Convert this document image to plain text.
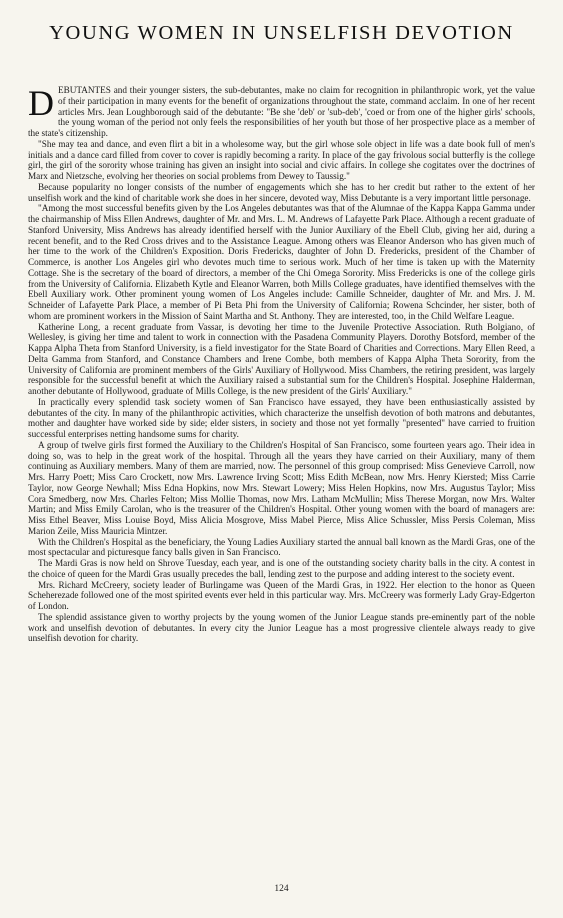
YOUNG WOMEN IN UNSELFISH DEVOTION

DEBUTANTES and their younger sisters, the sub-debutantes, make no claim for recognition in philanthropic work, yet the value of their participation in many events for the benefit of organizations throughout the state, command acclaim. In one of her recent articles Mrs. Jean Loughborough said of the debutante: "Be she 'deb' or 'sub-deb', 'coed or from one of the higher girls' schools, the young woman of the period not only feels the responsibilities of her youth but those of her prospective place as a member of the state's citizenship.

"She may tea and dance, and even flirt a bit in a wholesome way, but the girl whose sole object in life was a date book full of men's initials and a dance card filled from cover to cover is rapidly becoming a rarity. In place of the gay frivolous social butterfly is the college girl, the girl of the sorority whose training has given an insight into social and civic affairs. In college she cogitates over the doctrines of Marx and Nietzsche, evolving her theories on social problems from Dewey to Taussig."

Because popularity no longer consists of the number of engagements which she has to her credit but rather to the extent of her unselfish work and the kind of charitable work she does in her sincere, devoted way, Miss Debutante is a very important little personage.

"Among the most successful benefits given by the Los Angeles debutantes was that of the Alumnae of the Kappa Kappa Gamma under the chairmanship of Miss Ellen Andrews, daughter of Mr. and Mrs. L. M. Andrews of Lafayette Park Place. Although a recent graduate of Stanford University, Miss Andrews has already identified herself with the Junior Auxiliary of the Ebell Club, giving her aid, during a recent benefit, and to the Red Cross drives and to the Assistance League. Among others was Eleanor Anderson who has given much of her time to the work of the Children's Exposition. Doris Fredericks, daughter of John D. Fredericks, president of the Chamber of Commerce, is another Los Angeles girl who devotes much time to serious work. Much of her time is taken up with the Maternity Cottage. She is the secretary of the board of directors, a member of the Chi Omega Sorority. Miss Fredericks is one of the college girls from the University of California. Elizabeth Kytle and Eleanor Warren, both Mills College graduates, have identified themselves with the Ebell Auxiliary work. Other prominent young women of Los Angeles include: Camille Schneider, daughter of Mr. and Mrs. J. M. Schneider of Lafayette Park Place, a member of Pi Beta Phi from the University of California; Rowena Schcinder, her sister, both of whom are prominent workers in the Mission of Saint Martha and St. Anthony. They are interested, too, in the Child Welfare League.

Katherine Long, a recent graduate from Vassar, is devoting her time to the Juvenile Protective Association. Ruth Bolgiano, of Wellesley, is giving her time and talent to work in connection with the Pasadena Community Players. Dorothy Botsford, member of the Kappa Alpha Theta from Stanford University, is a field investigator for the State Board of Charities and Corrections. Mary Ellen Reed, a Delta Gamma from Stanford, and Constance Chambers and Irene Combe, both members of Kappa Alpha Theta Sorority, from the University of California are prominent members of the Girls' Auxiliary of Hollywood. Miss Chambers, the retiring president, was largely responsible for the successful benefit at which the Auxiliary raised a substantial sum for the Children's Hospital. Josephine Halderman, another debutante of Hollywood, graduate of Mills College, is the new president of the Girls' Auxiliary."

In practically every splendid task society women of San Francisco have essayed, they have been enthusiastically assisted by debutantes of the city. In many of the philanthropic activities, which characterize the unselfish devotion of both matrons and debutantes, mother and daughter have worked side by side; elder sisters, in society and those not yet formally "presented" have carried to fruition successful enterprises netting handsome sums for charity.

A group of twelve girls first formed the Auxiliary to the Children's Hospital of San Francisco, some fourteen years ago. Their idea in doing so, was to help in the great work of the hospital. Through all the years they have carried on their Auxiliary, many of them continuing as Auxiliary members. Many of them are married, now. The personnel of this group comprised: Miss Genevieve Carroll, now Mrs. Harry Poett; Miss Caro Crockett, now Mrs. Lawrence Irving Scott; Miss Edith McBean, now Mrs. Henry Kiersted; Miss Carrie Taylor, now George Newhall; Miss Edna Hopkins, now Mrs. Stewart Lowery; Miss Helen Hopkins, now Mrs. Augustus Taylor; Miss Cora Smedberg, now Mrs. Charles Felton; Miss Mollie Thomas, now Mrs. Latham McMullin; Miss Therese Morgan, now Mrs. Walter Martin; and Miss Emily Carolan, who is the treasurer of the Children's Hospital. Other young women with the board of managers are: Miss Ethel Beaver, Miss Louise Boyd, Miss Alicia Mosgrove, Miss Mabel Pierce, Miss Alice Schussler, Miss Persis Coleman, Miss Marion Zeile, Miss Mauricia Mintzer.

With the Children's Hospital as the beneficiary, the Young Ladies Auxiliary started the annual ball known as the Mardi Gras, one of the most spectacular and picturesque fancy balls given in San Francisco.

The Mardi Gras is now held on Shrove Tuesday, each year, and is one of the outstanding society charity balls in the city. A contest in the choice of queen for the Mardi Gras usually precedes the ball, lending zest to the purpose and adding interest to the society event.

Mrs. Richard McCreery, society leader of Burlingame was Queen of the Mardi Gras, in 1922. Her election to the honor as Queen Scheherezade followed one of the most spirited events ever held in this particular way. Mrs. McCreery was formerly Lady Gray-Edgerton of London.

The splendid assistance given to worthy projects by the young women of the Junior League stands pre-eminently part of the noble work and unselfish devotion of debutantes. In every city the Junior League has a most progressive clientele always ready to give unselfish devotion for charity.

124
